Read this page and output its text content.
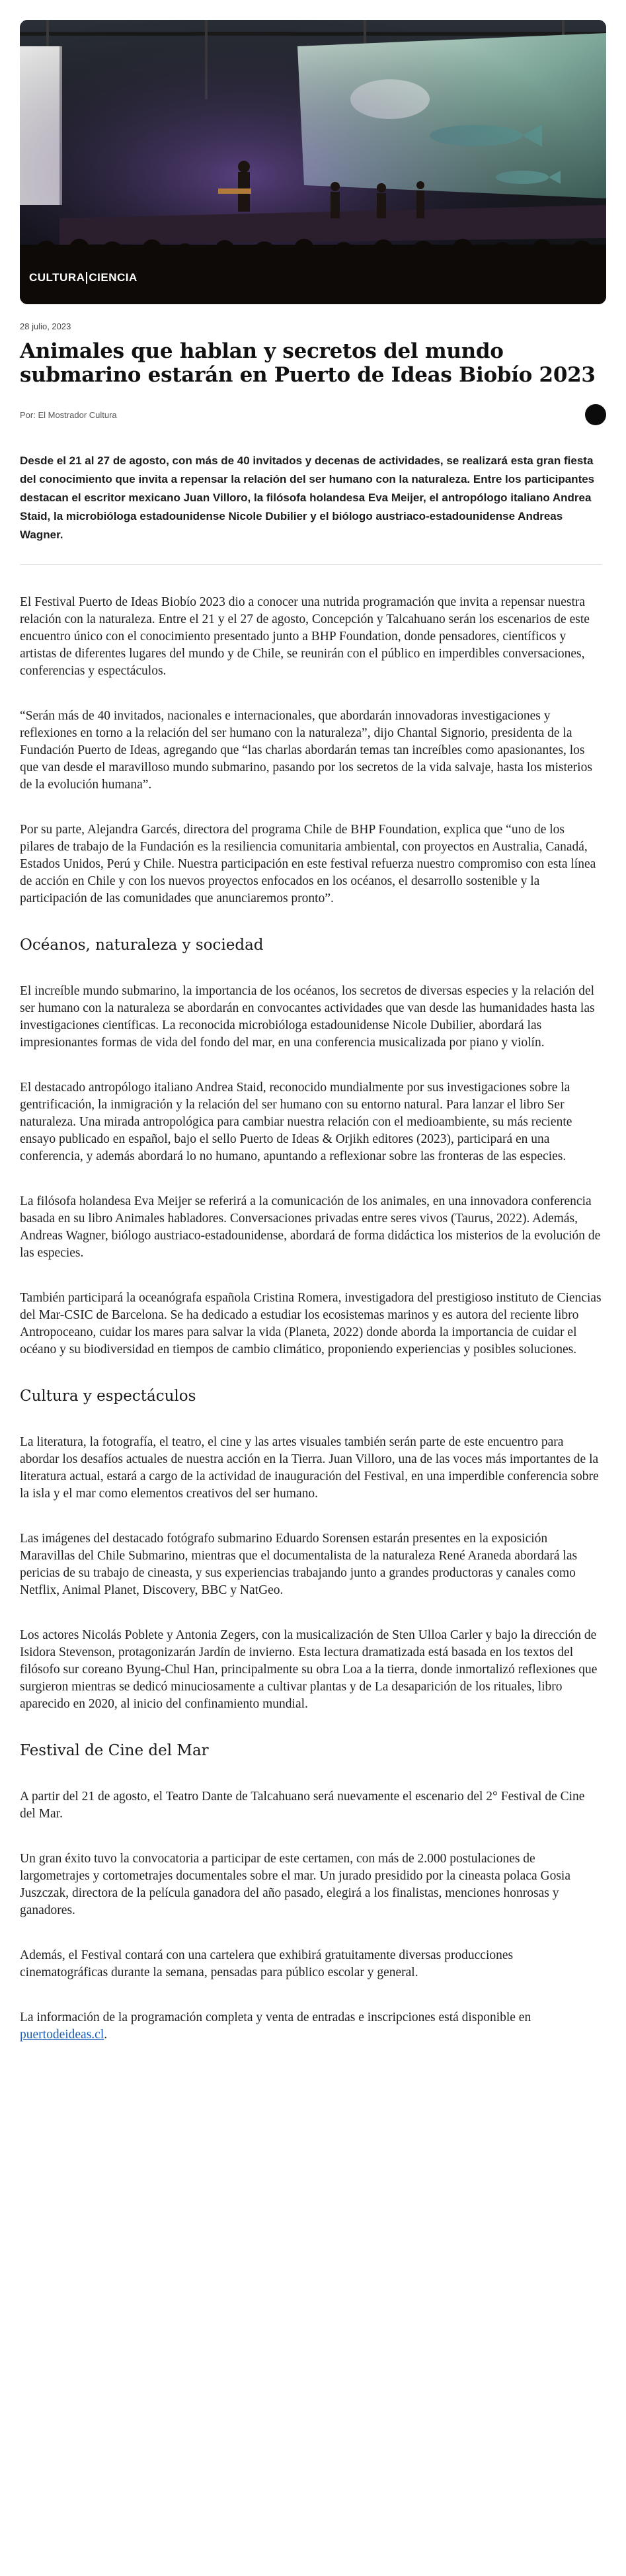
CULTURA CIENCIA
28 julio, 2023
Animales que hablan y secretos del mundo submarino estarán en Puerto de Ideas Biobío 2023
Por: El Mostrador Cultura
Desde el 21 al 27 de agosto, con más de 40 invitados y decenas de actividades, se realizará esta gran fiesta del conocimiento que invita a repensar la relación del ser humano con la naturaleza. Entre los participantes destacan el escritor mexicano Juan Villoro, la filósofa holandesa Eva Meijer, el antropólogo italiano Andrea Staid, la microbióloga estadounidense Nicole Dubilier y el biólogo austriaco-estadounidense Andreas Wagner.

El Festival Puerto de Ideas Biobío 2023 dio a conocer una nutrida programación que invita a repensar nuestra relación con la naturaleza. Entre el 21 y el 27 de agosto, Concepción y Talcahuano serán los escenarios de este encuentro único con el conocimiento presentado junto a BHP Foundation, donde pensadores, científicos y artistas de diferentes lugares del mundo y de Chile, se reunirán con el público en imperdibles conversaciones, conferencias y espectáculos.

“Serán más de 40 invitados, nacionales e internacionales, que abordarán innovadoras investigaciones y reflexiones en torno a la relación del ser humano con la naturaleza”, dijo Chantal Signorio, presidenta de la Fundación Puerto de Ideas, agregando que “las charlas abordarán temas tan increíbles como apasionantes, los que van desde el maravilloso mundo submarino, pasando por los secretos de la vida salvaje, hasta los misterios de la evolución humana”.

Por su parte, Alejandra Garcés, directora del programa Chile de BHP Foundation, explica que “uno de los pilares de trabajo de la Fundación es la resiliencia comunitaria ambiental, con proyectos en Australia, Canadá, Estados Unidos, Perú y Chile. Nuestra participación en este festival refuerza nuestro compromiso con esta línea de acción en Chile y con los nuevos proyectos enfocados en los océanos, el desarrollo sostenible y la participación de las comunidades que anunciaremos pronto”.

Océanos, naturaleza y sociedad

El increíble mundo submarino, la importancia de los océanos, los secretos de diversas especies y la relación del ser humano con la naturaleza se abordarán en convocantes actividades que van desde las humanidades hasta las investigaciones científicas. La reconocida microbióloga estadounidense Nicole Dubilier, abordará las impresionantes formas de vida del fondo del mar, en una conferencia musicalizada por piano y violín.

El destacado antropólogo italiano Andrea Staid, reconocido mundialmente por sus investigaciones sobre la gentrificación, la inmigración y la relación del ser humano con su entorno natural. Para lanzar el libro Ser naturaleza. Una mirada antropológica para cambiar nuestra relación con el medioambiente, su más reciente ensayo publicado en español, bajo el sello Puerto de Ideas & Orjikh editores (2023), participará en una conferencia, y además abordará lo no humano, apuntando a reflexionar sobre las fronteras de las especies.

La filósofa holandesa Eva Meijer se referirá a la comunicación de los animales, en una innovadora conferencia basada en su libro Animales habladores. Conversaciones privadas entre seres vivos (Taurus, 2022). Además, Andreas Wagner, biólogo austriaco-estadounidense, abordará de forma didáctica los misterios de la evolución de las especies.

También participará la oceanógrafa española Cristina Romera, investigadora del prestigioso instituto de Ciencias del Mar-CSIC de Barcelona. Se ha dedicado a estudiar los ecosistemas marinos y es autora del reciente libro Antropoceano, cuidar los mares para salvar la vida (Planeta, 2022) donde aborda la importancia de cuidar el océano y su biodiversidad en tiempos de cambio climático, proponiendo experiencias y posibles soluciones.

Cultura y espectáculos

La literatura, la fotografía, el teatro, el cine y las artes visuales también serán parte de este encuentro para abordar los desafíos actuales de nuestra acción en la Tierra. Juan Villoro, una de las voces más importantes de la literatura actual, estará a cargo de la actividad de inauguración del Festival, en una imperdible conferencia sobre la isla y el mar como elementos creativos del ser humano.

Las imágenes del destacado fotógrafo submarino Eduardo Sorensen estarán presentes en la exposición Maravillas del Chile Submarino, mientras que el documentalista de la naturaleza René Araneda abordará las pericias de su trabajo de cineasta, y sus experiencias trabajando junto a grandes productoras y canales como Netflix, Animal Planet, Discovery, BBC y NatGeo.

Los actores Nicolás Poblete y Antonia Zegers, con la musicalización de Sten Ulloa Carler y bajo la dirección de Isidora Stevenson, protagonizarán Jardín de invierno. Esta lectura dramatizada está basada en los textos del filósofo sur coreano Byung-Chul Han, principalmente su obra Loa a la tierra, donde inmortalizó reflexiones que surgieron mientras se dedicó minuciosamente a cultivar plantas y de La desaparición de los rituales, libro aparecido en 2020, al inicio del confinamiento mundial.

Festival de Cine del Mar

A partir del 21 de agosto, el Teatro Dante de Talcahuano será nuevamente el escenario del 2° Festival de Cine del Mar.

Un gran éxito tuvo la convocatoria a participar de este certamen, con más de 2.000 postulaciones de largometrajes y cortometrajes documentales sobre el mar. Un jurado presidido por la cineasta polaca Gosia Juszczak, directora de la película ganadora del año pasado, elegirá a los finalistas, menciones honrosas y ganadores.

Además, el Festival contará con una cartelera que exhibirá gratuitamente diversas producciones cinematográficas durante la semana, pensadas para público escolar y general.

La información de la programación completa y venta de entradas e inscripciones está disponible en puertodeideas.cl.
